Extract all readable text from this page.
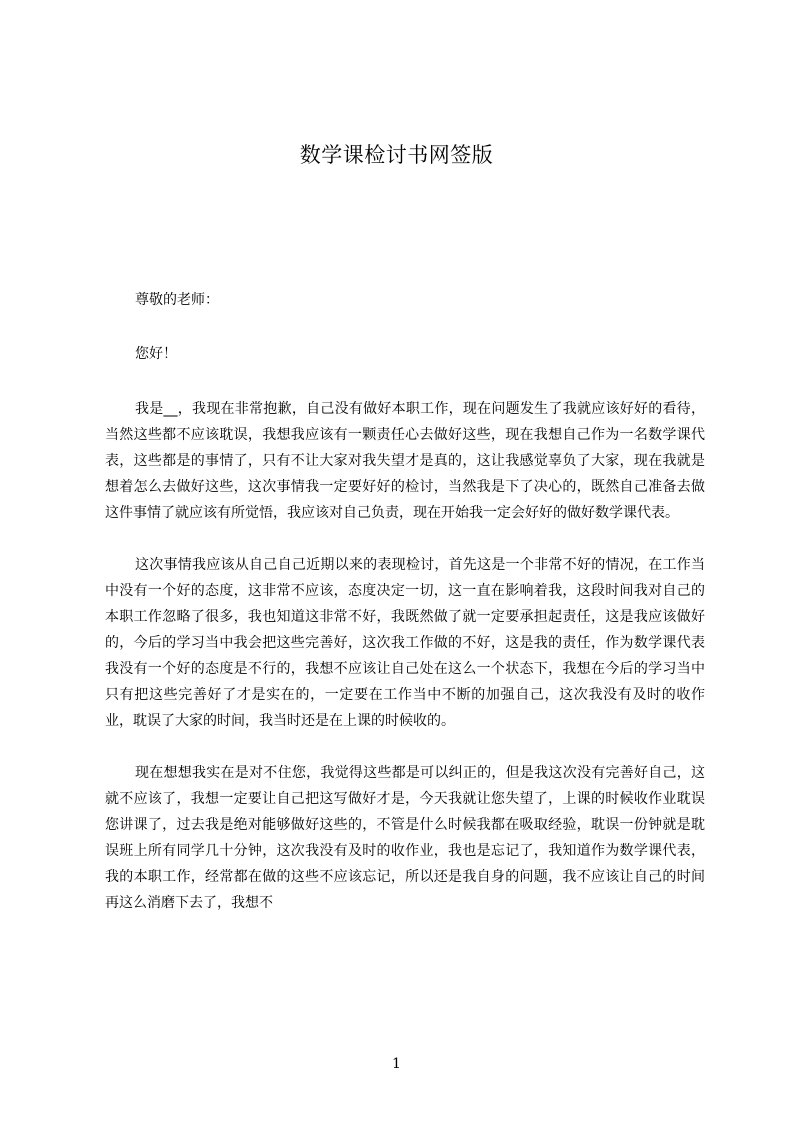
数学课检讨书网签版

尊敬的老师：

您好！

我是__，我现在非常抱歉，自己没有做好本职工作，现在问题发生了我就应该好好的看待，当然这些都不应该耽误，我想我应该有一颗责任心去做好这些，现在我想自己作为一名数学课代表，这些都是的事情了，只有不让大家对我失望才是真的，这让我感觉辜负了大家，现在我就是想着怎么去做好这些，这次事情我一定要好好的检讨，当然我是下了决心的，既然自己准备去做这件事情了就应该有所觉悟，我应该对自己负责，现在开始我一定会好好的做好数学课代表。

这次事情我应该从自己自己近期以来的表现检讨，首先这是一个非常不好的情况，在工作当中没有一个好的态度，这非常不应该，态度决定一切，这一直在影响着我，这段时间我对自己的本职工作忽略了很多，我也知道这非常不好，我既然做了就一定要承担起责任，这是我应该做好的，今后的学习当中我会把这些完善好，这次我工作做的不好，这是我的责任，作为数学课代表我没有一个好的态度是不行的，我想不应该让自己处在这么一个状态下，我想在今后的学习当中只有把这些完善好了才是实在的，一定要在工作当中不断的加强自己，这次我没有及时的收作业，耽误了大家的时间，我当时还是在上课的时候收的。

现在想想我实在是对不住您，我觉得这些都是可以纠正的，但是我这次没有完善好自己，这就不应该了，我想一定要让自己把这写做好才是，今天我就让您失望了，上课的时候收作业耽误您讲课了，过去我是绝对能够做好这些的，不管是什么时候我都在吸取经验，耽误一份钟就是耽误班上所有同学几十分钟，这次我没有及时的收作业，我也是忘记了，我知道作为数学课代表，我的本职工作，经常都在做的这些不应该忘记，所以还是我自身的问题，我不应该让自己的时间再这么消磨下去了，我想不

1
